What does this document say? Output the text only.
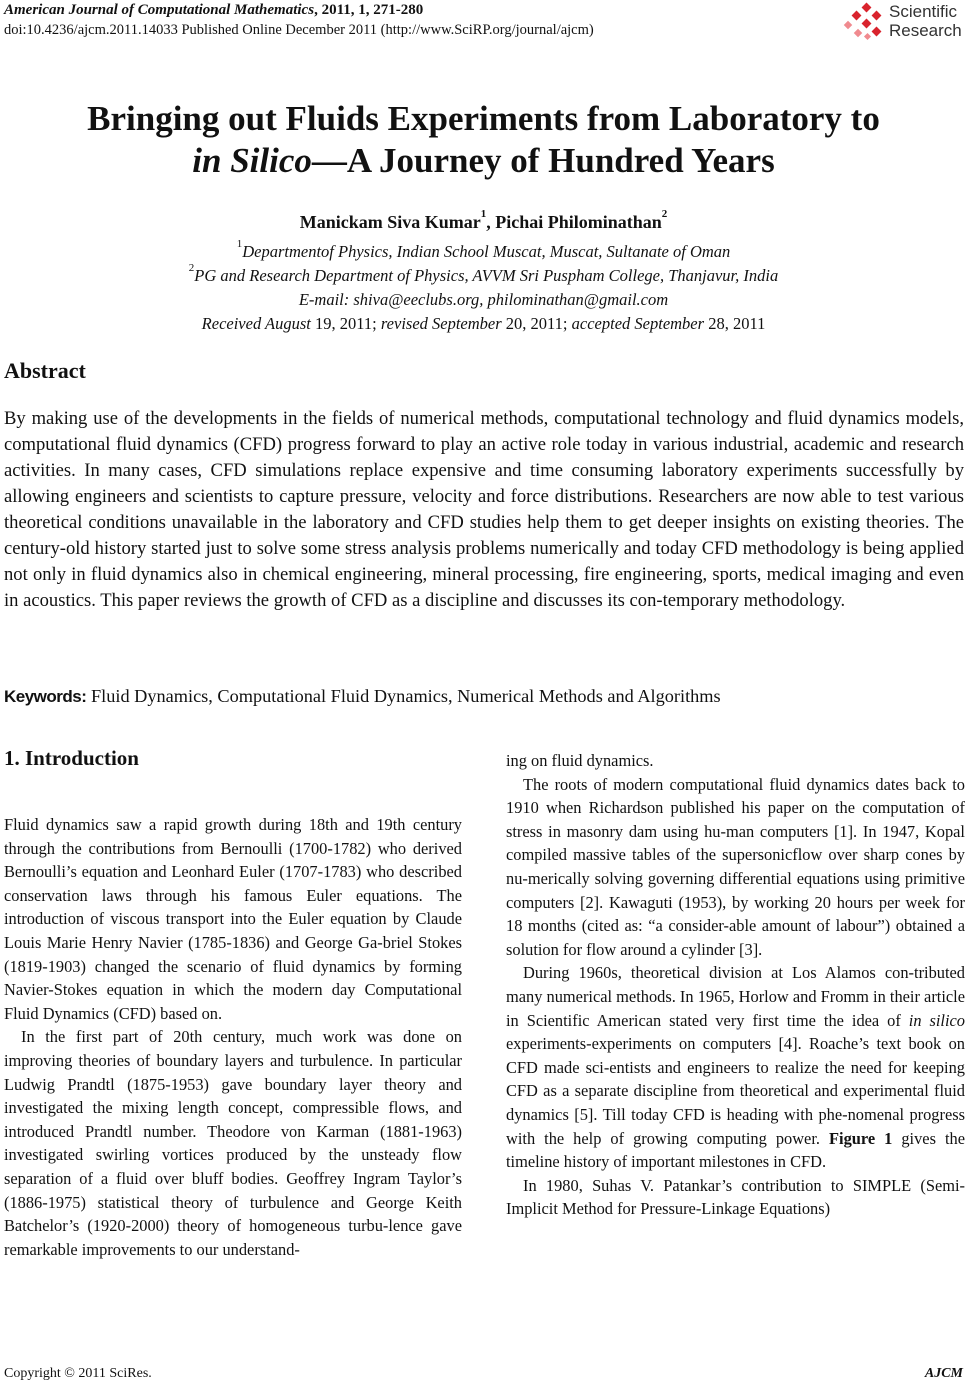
American Journal of Computational Mathematics, 2011, 1, 271-280
doi:10.4236/ajcm.2011.14033 Published Online December 2011 (http://www.SciRP.org/journal/ajcm)
Scientific
Research
Bringing out Fluids Experiments from Laboratory to
in Silico—A Journey of Hundred Years
Manickam Siva Kumar$^1$, Pichai Philominathan$^2$
$^1$Departmentof Physics, Indian School Muscat, Muscat, Sultanate of Oman
$^2$PG and Research Department of Physics, AVVM Sri Puspham College, Thanjavur, India
E-mail: shiva@eeclubs.org, philominathan@gmail.com
Received August 19, 2011; revised September 20, 2011; accepted September 28, 2011
Abstract
By making use of the developments in the fields of numerical methods, computational technology and fluid dynamics models, computational fluid dynamics (CFD) progress forward to play an active role today in various industrial, academic and research activities. In many cases, CFD simulations replace expensive and time consuming laboratory experiments successfully by allowing engineers and scientists to capture pressure, velocity and force distributions. Researchers are now able to test various theoretical conditions unavailable in the laboratory and CFD studies help them to get deeper insights on existing theories. The century-old history started just to solve some stress analysis problems numerically and today CFD methodology is being applied not only in fluid dynamics also in chemical engineering, mineral processing, fire engineering, sports, medical imaging and even in acoustics. This paper reviews the growth of CFD as a discipline and discusses its con-temporary methodology.
Keywords: Fluid Dynamics, Computational Fluid Dynamics, Numerical Methods and Algorithms
1. Introduction

Fluid dynamics saw a rapid growth during 18th and 19th century through the contributions from Bernoulli (1700-1782) who derived Bernoulli’s equation and Leonhard Euler (1707-1783) who described conservation laws through his famous Euler equations. The introduction of viscous transport into the Euler equation by Claude Louis Marie Henry Navier (1785-1836) and George Ga-briel Stokes (1819-1903) changed the scenario of fluid dynamics by forming Navier-Stokes equation in which the modern day Computational Fluid Dynamics (CFD) based on.

In the first part of 20th century, much work was done on improving theories of boundary layers and turbulence. In particular Ludwig Prandtl (1875-1953) gave boundary layer theory and investigated the mixing length concept, compressible flows, and introduced Prandtl number. Theodore von Karman (1881-1963) investigated swirling vortices produced by the unsteady flow separation of a fluid over bluff bodies. Geoffrey Ingram Taylor’s (1886-1975) statistical theory of turbulence and George Keith Batchelor’s (1920-2000) theory of homogeneous turbu-lence gave remarkable improvements to our understand-

ing on fluid dynamics.

The roots of modern computational fluid dynamics dates back to 1910 when Richardson published his paper on the computation of stress in masonry dam using hu-man computers [1]. In 1947, Kopal compiled massive tables of the supersonicflow over sharp cones by nu-merically solving governing differential equations using primitive computers [2]. Kawaguti (1953), by working 20 hours per week for 18 months (cited as: “a consider-able amount of labour”) obtained a solution for flow around a cylinder [3].

During 1960s, theoretical division at Los Alamos con-tributed many numerical methods. In 1965, Horlow and Fromm in their article in Scientific American stated very first time the idea of in silico experiments-experiments on computers [4]. Roache’s text book on CFD made sci-entists and engineers to realize the need for keeping CFD as a separate discipline from theoretical and experimental fluid dynamics [5]. Till today CFD is heading with phe-nomenal progress with the help of growing computing power. Figure 1 gives the timeline history of important milestones in CFD.

In 1980, Suhas V. Patankar’s contribution to SIMPLE (Semi-Implicit Method for Pressure-Linkage Equations)

Copyright © 2011 SciRes.	AJCM
